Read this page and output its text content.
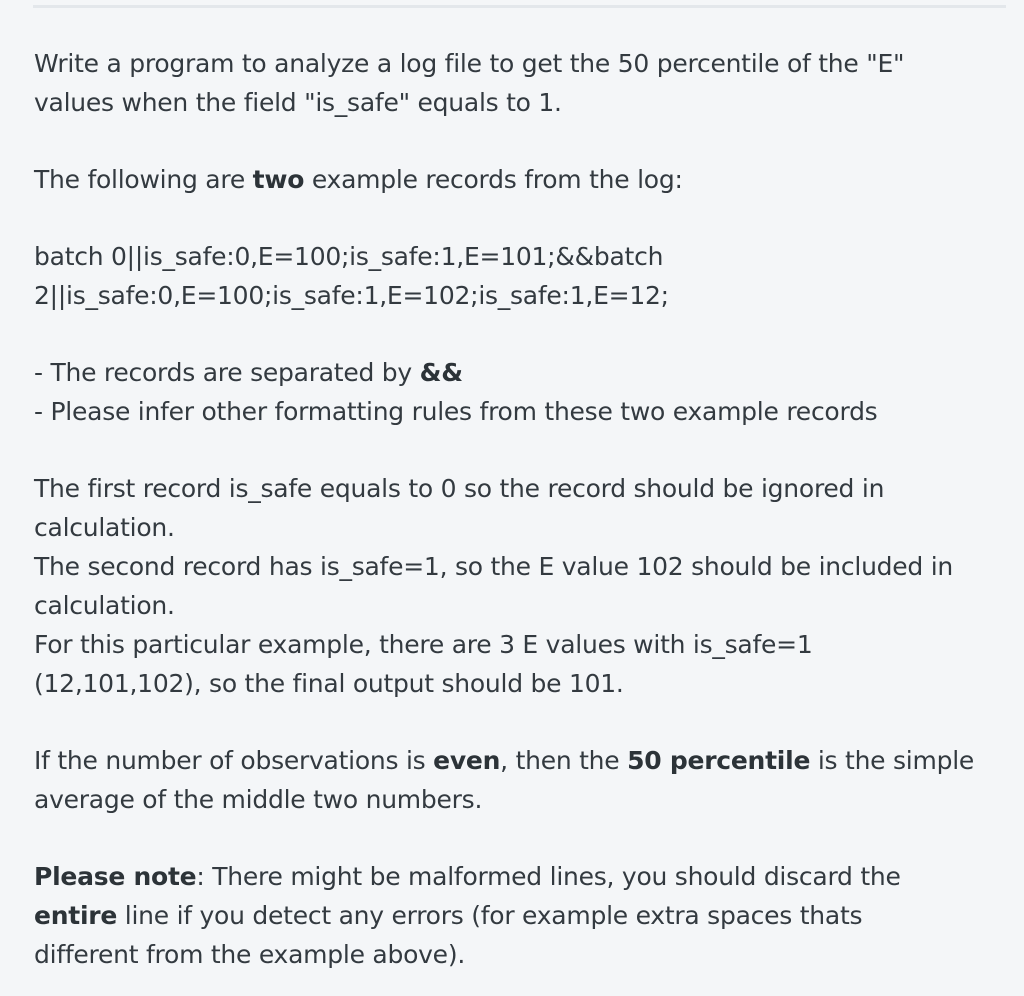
Write a program to analyze a log file to get the 50 percentile of the "E"

values when the field "is_safe" equals to 1.

The following are two example records from the log:

batch 0||is_safe:0,E=100;is_safe:1,E=101;&&batch

2||is_safe:0,E=100;is_safe:1,E=102;is_safe:1,E=12;

- The records are separated by &&

- Please infer other formatting rules from these two example records

The first record is_safe equals to 0 so the record should be ignored in

calculation.

The second record has is_safe=1, so the E value 102 should be included in

calculation.

For this particular example, there are 3 E values with is_safe=1

(12,101,102), so the final output should be 101.

If the number of observations is even, then the 50 percentile is the simple

average of the middle two numbers.

Please note: There might be malformed lines, you should discard the

entire line if you detect any errors (for example extra spaces thats

different from the example above).
